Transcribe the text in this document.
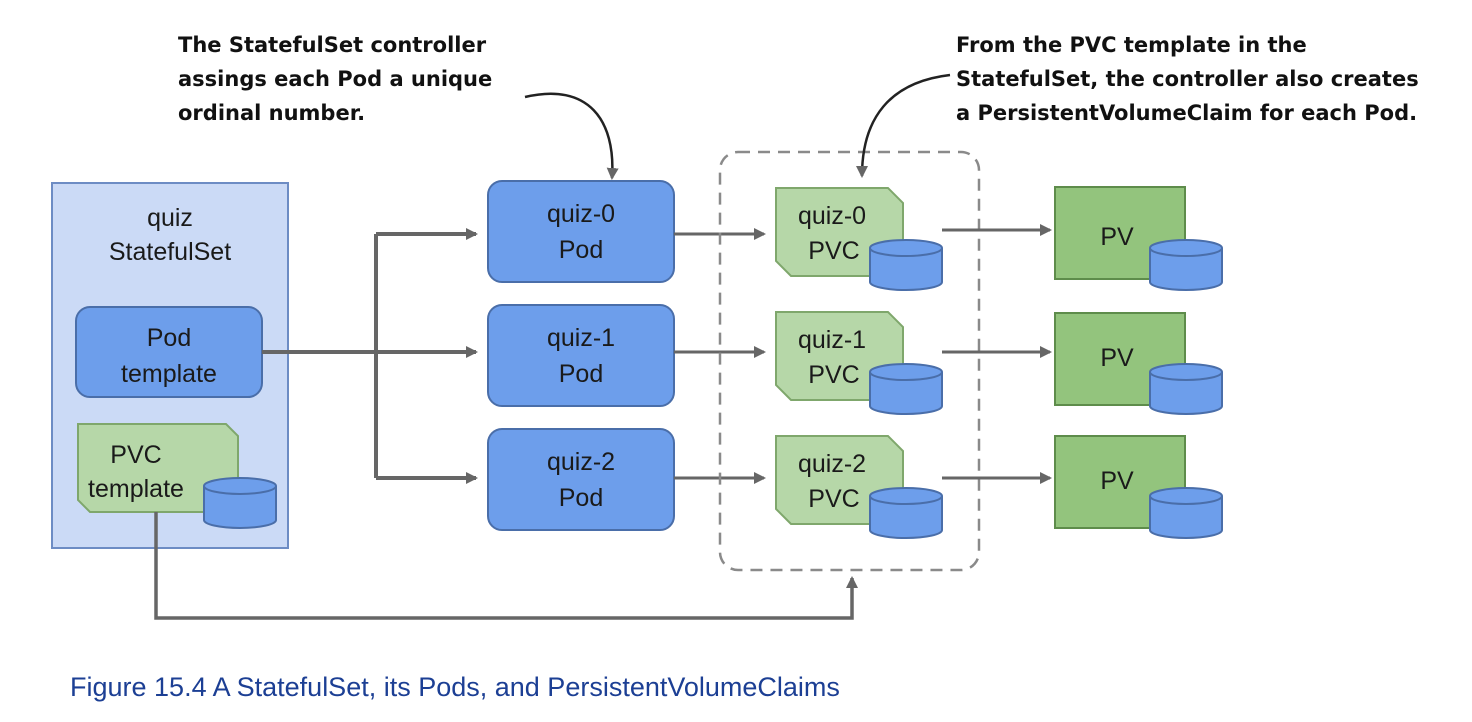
quiz
StatefulSet
Pod
template
PVC
template
quiz-0
Pod
quiz-1
Pod
quiz-2
Pod
quiz-0
PVC
quiz-1
PVC
quiz-2
PVC
PV
PV
PV
The StatefulSet controller
assings each Pod a unique
ordinal number.
From the PVC template in the
StatefulSet, the controller also creates
a PersistentVolumeClaim for each Pod.
Figure 15.4 A StatefulSet, its Pods, and PersistentVolumeClaims
